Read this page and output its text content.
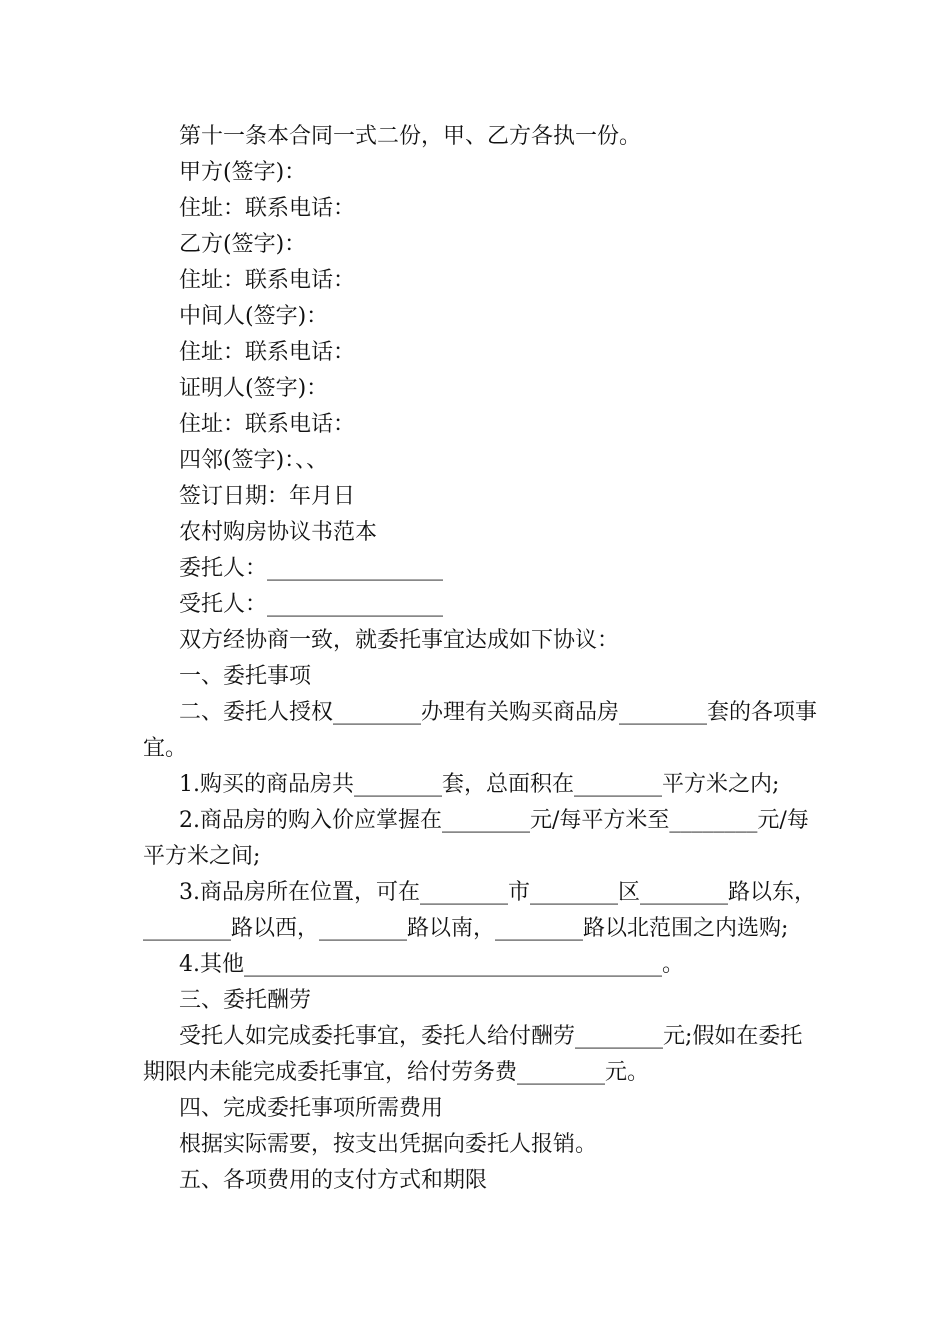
第十一条本合同一式二份，甲、乙方各执一份。

甲方(签字)：

住址：联系电话：

乙方(签字)：

住址：联系电话：

中间人(签字)：

住址：联系电话：

证明人(签字)：

住址：联系电话：

四邻(签字)：、、

签订日期：年月日

农村购房协议书范本

委托人：________________

受托人：________________

双方经协商一致，就委托事宜达成如下协议：

一、委托事项

二、委托人授权________办理有关购买商品房________套的各项事宜。

1.购买的商品房共________套，总面积在________平方米之内;

2.商品房的购入价应掌握在________元/每平方米至________元/每平方米之间;

3.商品房所在位置，可在________市________区________路以东，________路以西，________路以南，________路以北范围之内选购;

4.其他______________________________________。

三、委托酬劳

受托人如完成委托事宜，委托人给付酬劳________元;假如在委托期限内未能完成委托事宜，给付劳务费________元。

四、完成委托事项所需费用

根据实际需要，按支出凭据向委托人报销。

五、各项费用的支付方式和期限
